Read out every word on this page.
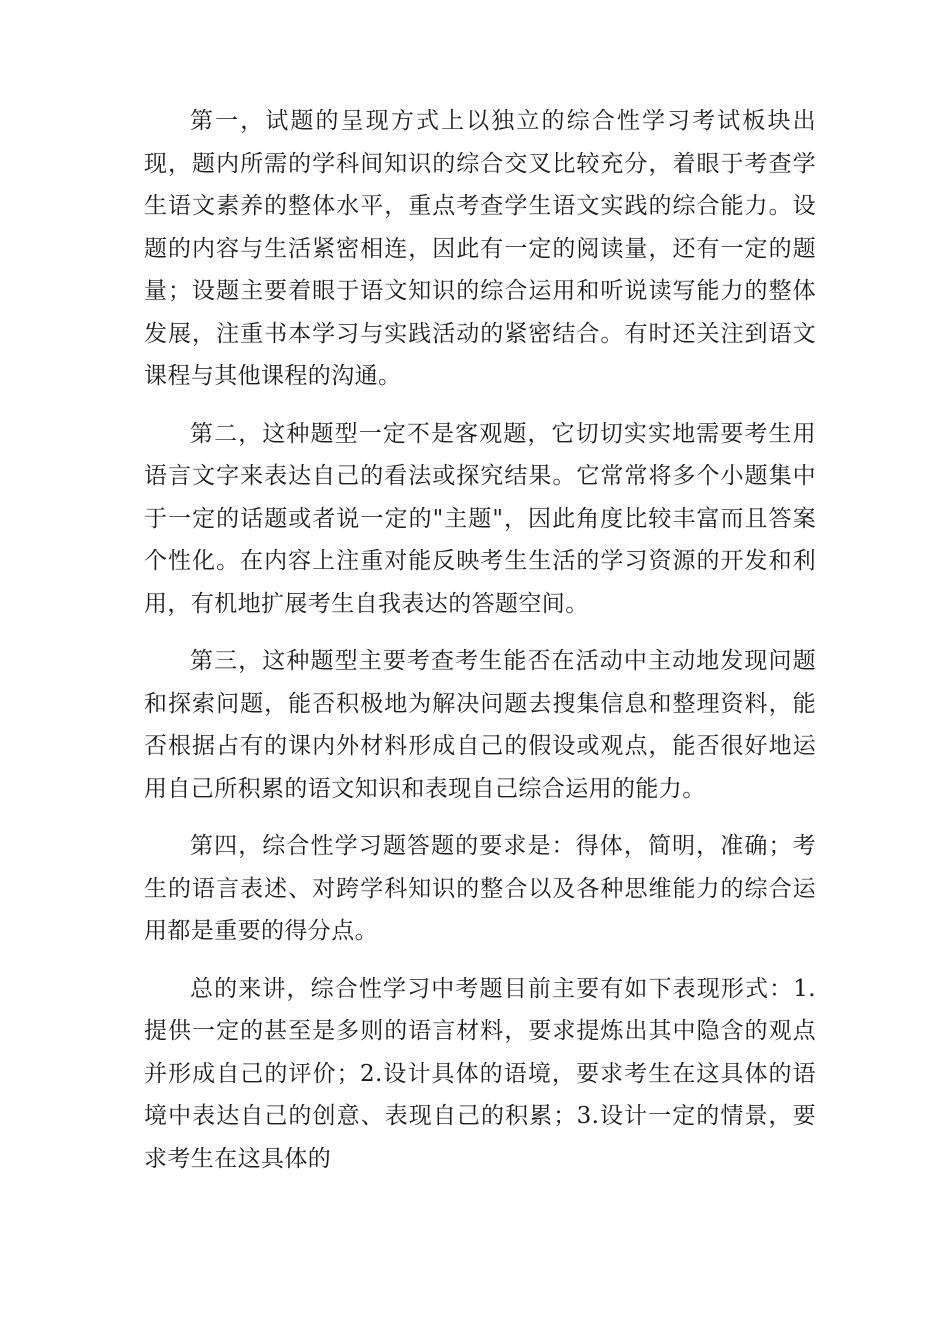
第一，试题的呈现方式上以独立的综合性学习考试板块出现，题内所需的学科间知识的综合交叉比较充分，着眼于考查学生语文素养的整体水平，重点考查学生语文实践的综合能力。设题的内容与生活紧密相连，因此有一定的阅读量，还有一定的题量；设题主要着眼于语文知识的综合运用和听说读写能力的整体发展，注重书本学习与实践活动的紧密结合。有时还关注到语文课程与其他课程的沟通。

第二，这种题型一定不是客观题，它切切实实地需要考生用语言文字来表达自己的看法或探究结果。它常常将多个小题集中于一定的话题或者说一定的"主题"，因此角度比较丰富而且答案个性化。在内容上注重对能反映考生生活的学习资源的开发和利用，有机地扩展考生自我表达的答题空间。

第三，这种题型主要考查考生能否在活动中主动地发现问题和探索问题，能否积极地为解决问题去搜集信息和整理资料，能否根据占有的课内外材料形成自己的假设或观点，能否很好地运用自己所积累的语文知识和表现自己综合运用的能力。

第四，综合性学习题答题的要求是：得体，简明，准确；考生的语言表述、对跨学科知识的整合以及各种思维能力的综合运用都是重要的得分点。

总的来讲，综合性学习中考题目前主要有如下表现形式：1.提供一定的甚至是多则的语言材料，要求提炼出其中隐含的观点并形成自己的评价；2.设计具体的语境，要求考生在这具体的语境中表达自己的创意、表现自己的积累；3.设计一定的情景，要求考生在这具体的
